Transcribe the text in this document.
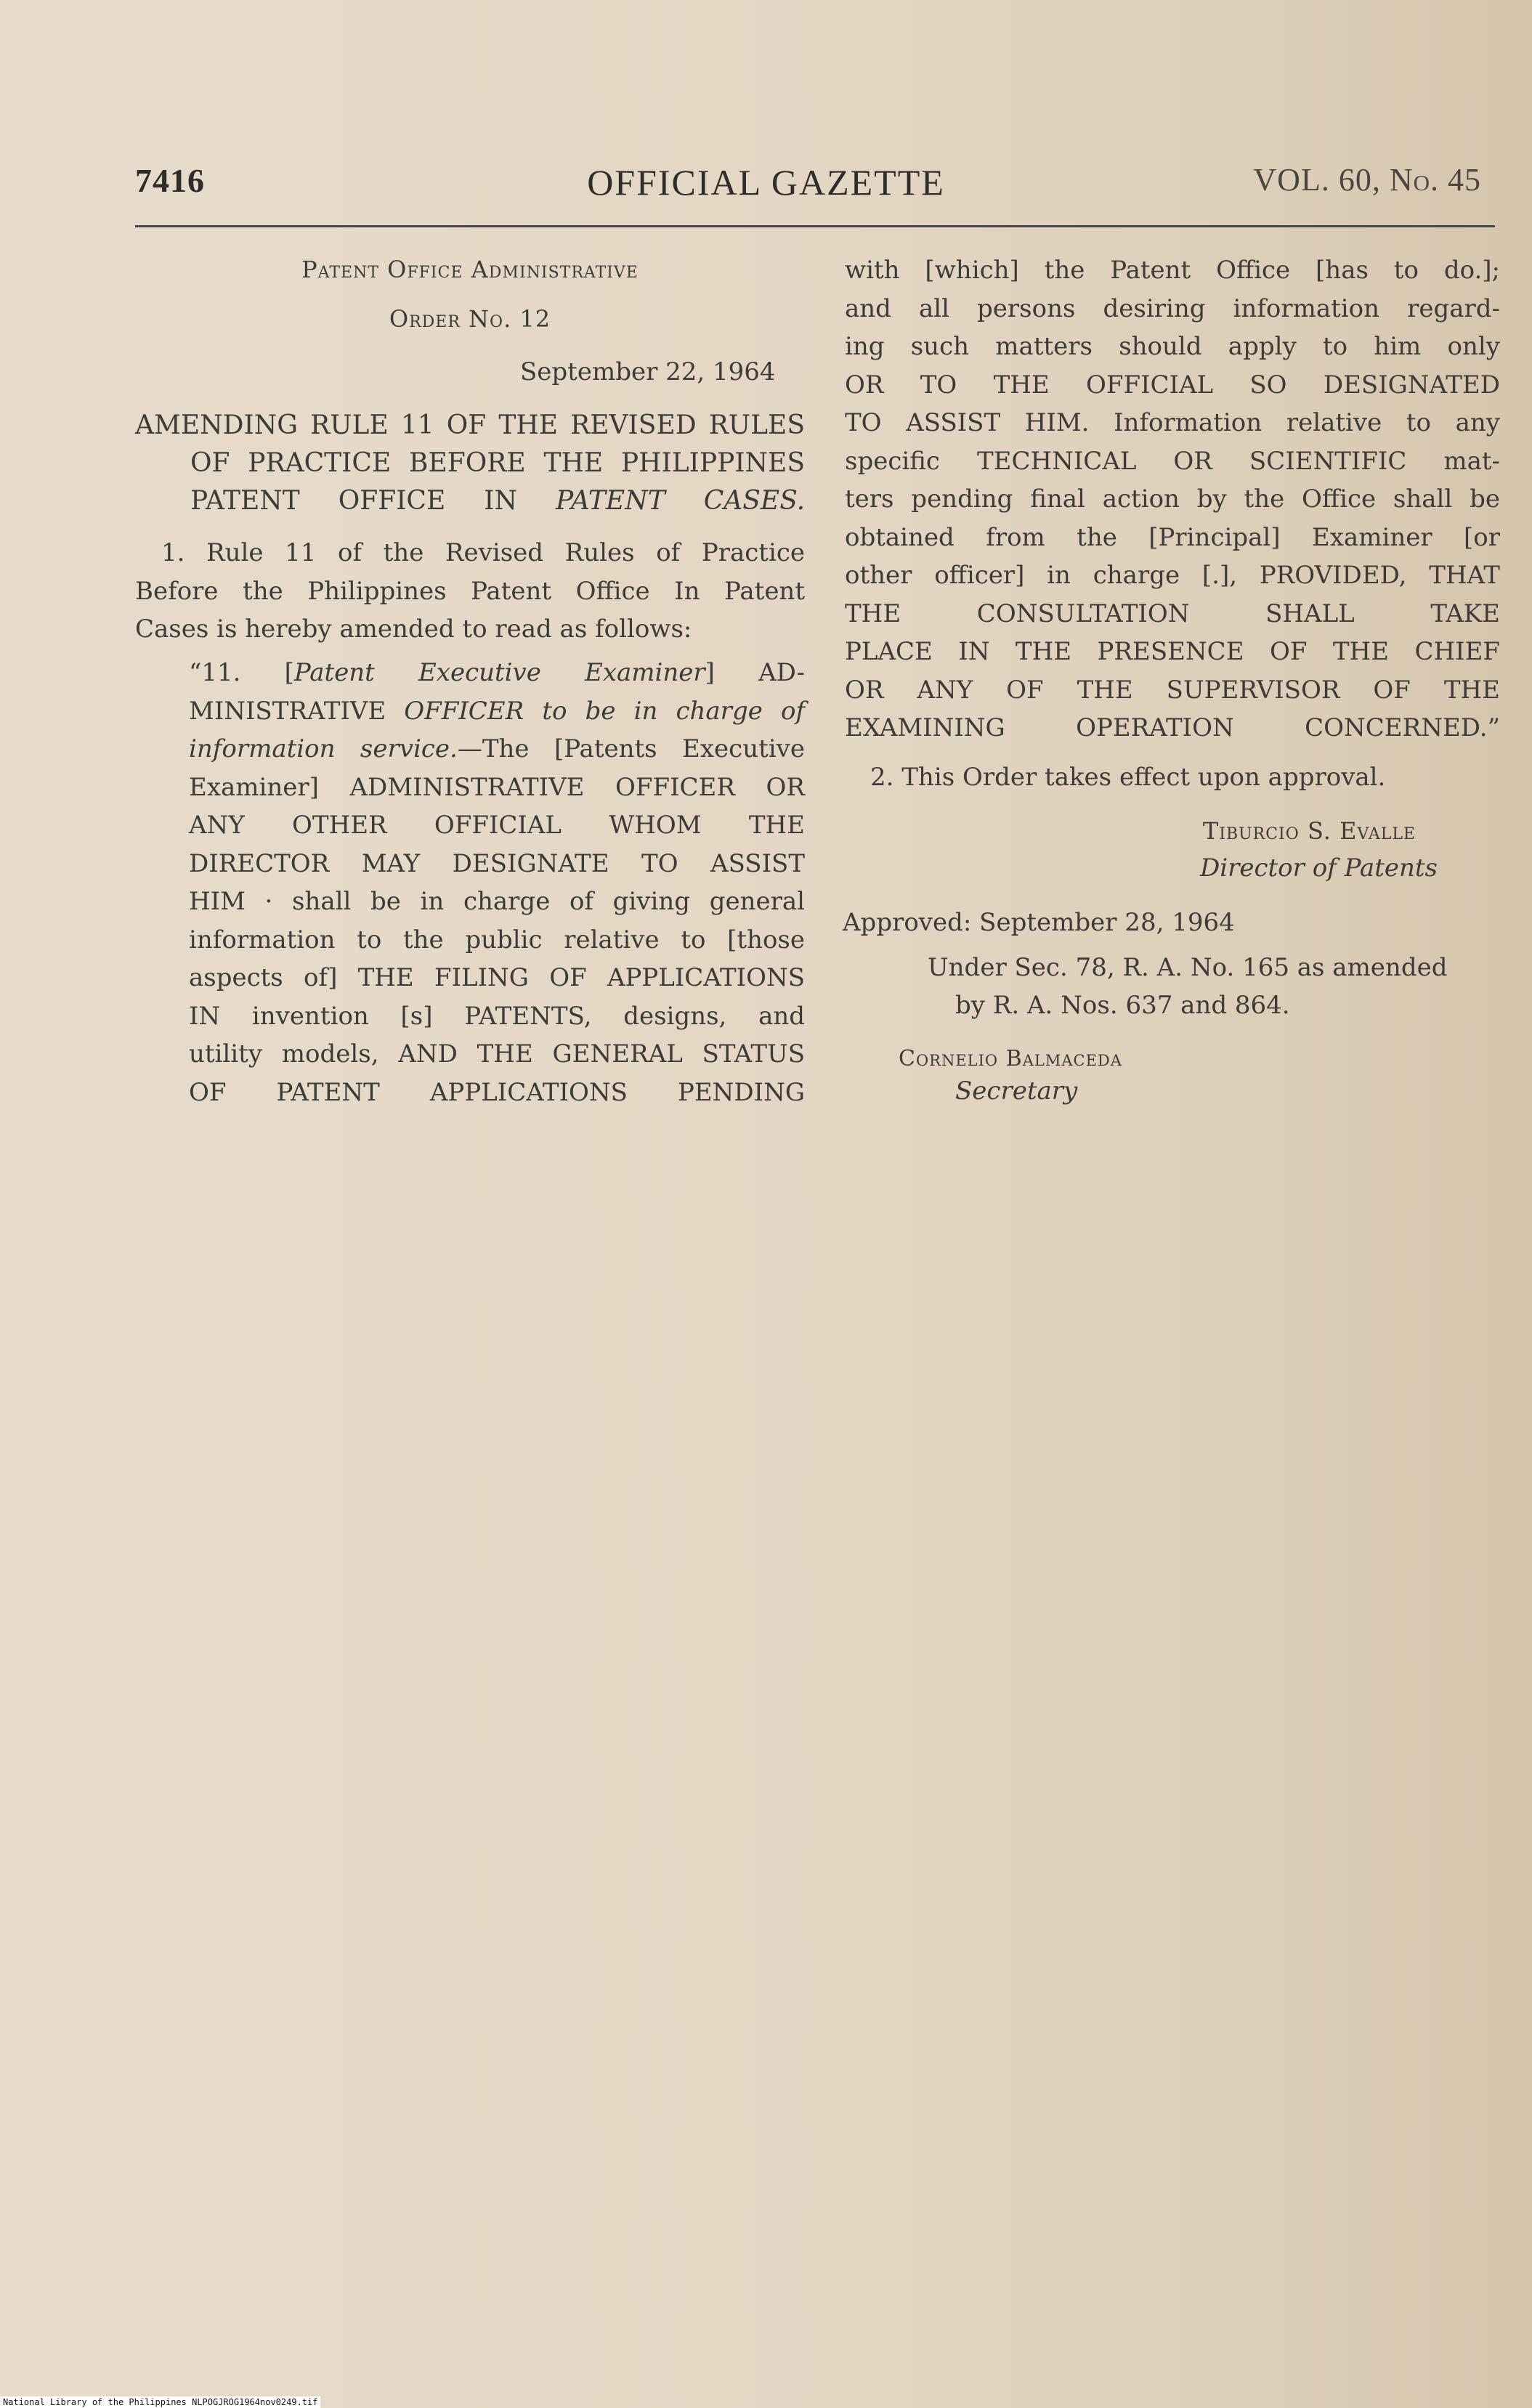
7416	OFFICIAL GAZETTE	VOL. 60, No. 45
Patent Office Administrative
Order No. 12
September 22, 1964
AMENDING RULE 11 OF THE REVISED RULES
OF PRACTICE BEFORE THE PHILIPPINES
PATENT OFFICE IN PATENT CASES.
1. Rule 11 of the Revised Rules of Practice
Before the Philippines Patent Office In Patent
Cases is hereby amended to read as follows:
“11. [Patent Executive Examiner] AD-
MINISTRATIVE OFFICER to be in charge of
information service.—The [Patents Executive
Examiner] ADMINISTRATIVE OFFICER OR
ANY OTHER OFFICIAL WHOM THE
DIRECTOR MAY DESIGNATE TO ASSIST
HIM · shall be in charge of giving general
information to the public relative to [those
aspects of] THE FILING OF APPLICATIONS
IN invention [s] PATENTS, designs, and
utility models, AND THE GENERAL STATUS
OF PATENT APPLICATIONS PENDING
with [which] the Patent Office [has to do.];
and all persons desiring information regard-
ing such matters should apply to him only
OR TO THE OFFICIAL SO DESIGNATED
TO ASSIST HIM. Information relative to any
specific TECHNICAL OR SCIENTIFIC mat-
ters pending final action by the Office shall be
obtained from the [Principal] Examiner [or
other officer] in charge [.], PROVIDED, THAT
THE CONSULTATION SHALL TAKE
PLACE IN THE PRESENCE OF THE CHIEF
OR ANY OF THE SUPERVISOR OF THE
EXAMINING OPERATION CONCERNED.”
2. This Order takes effect upon approval.
Tiburcio S. Evalle
Director of Patents
Approved: September 28, 1964
Under Sec. 78, R. A. No. 165 as amended
by R. A. Nos. 637 and 864.
Cornelio Balmaceda
Secretary
National Library of the Philippines NLPOGJROG1964nov0249.tif
